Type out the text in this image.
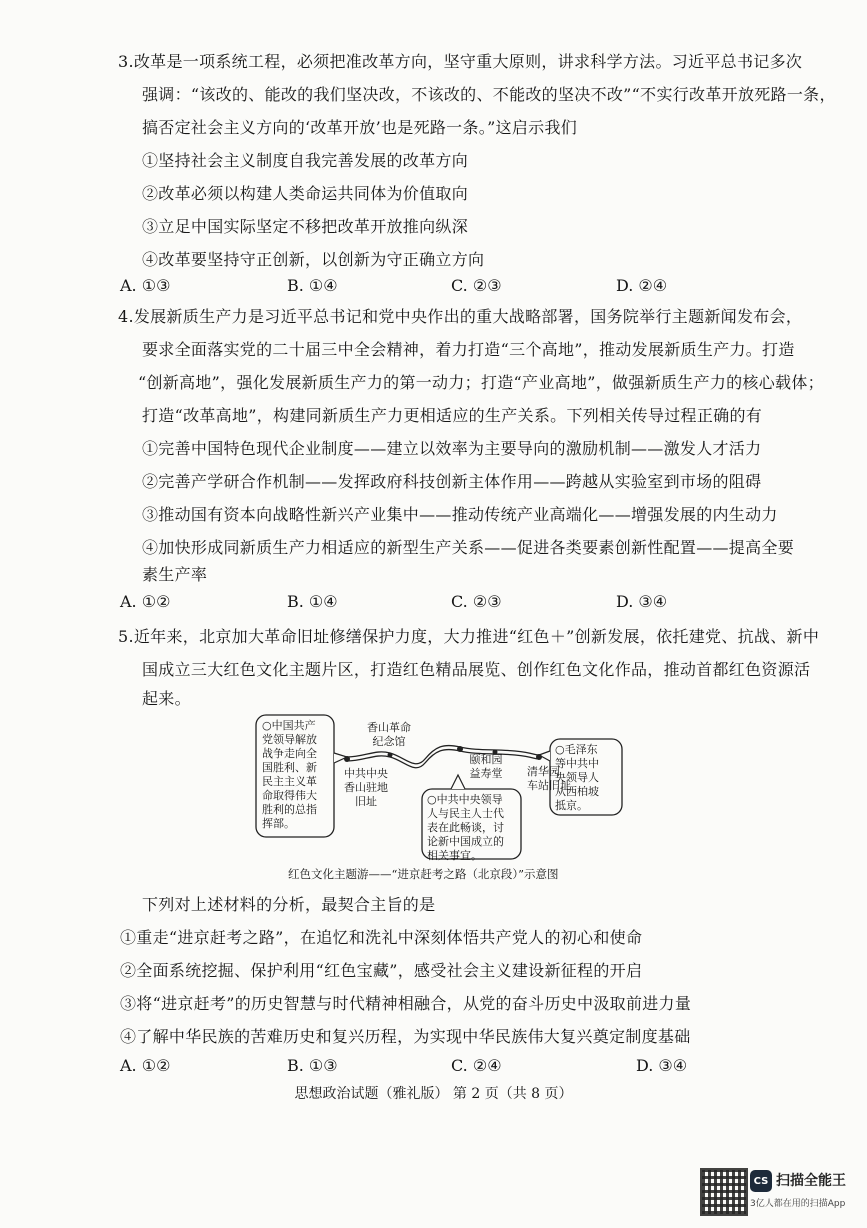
3.改革是一项系统工程，必须把准改革方向，坚守重大原则，讲求科学方法。习近平总书记多次
强调：“该改的、能改的我们坚决改，不该改的、不能改的坚决不改”“不实行改革开放死路一条，
搞否定社会主义方向的‘改革开放’也是死路一条。”这启示我们
①坚持社会主义制度自我完善发展的改革方向
②改革必须以构建人类命运共同体为价值取向
③立足中国实际坚定不移把改革开放推向纵深
④改革要坚持守正创新，以创新为守正确立方向
A. ①③	B. ①④	C. ②③	D. ②④
4.发展新质生产力是习近平总书记和党中央作出的重大战略部署，国务院举行主题新闻发布会，
要求全面落实党的二十届三中全会精神，着力打造“三个高地”，推动发展新质生产力。打造
“创新高地”，强化发展新质生产力的第一动力；打造“产业高地”，做强新质生产力的核心载体；
打造“改革高地”，构建同新质生产力更相适应的生产关系。下列相关传导过程正确的有
①完善中国特色现代企业制度——建立以效率为主要导向的激励机制——激发人才活力
②完善产学研合作机制——发挥政府科技创新主体作用——跨越从实验室到市场的阻碍
③推动国有资本向战略性新兴产业集中——推动传统产业高端化——增强发展的内生动力
④加快形成同新质生产力相适应的新型生产关系——促进各类要素创新性配置——提高全要
素生产率
A. ①②	B. ①④	C. ②③	D. ③④
5.近年来，北京加大革命旧址修缮保护力度，大力推进“红色＋”创新发展，依托建党、抗战、新中
国成立三大红色文化主题片区，打造红色精品展览、创作红色文化作品，推动首都红色资源活
起来。
○中国共产
党领导解放
战争走向全
国胜利、新
民主主义革
命取得伟大
胜利的总指
挥部。
香山革命
纪念馆
中共中央
香山驻地
旧址
颐和园
益寿堂	清华园
车站旧址
○中共中央领导
人与民主人士代
表在此畅谈，讨
论新中国成立的
相关事宜。
○毛泽东
等中共中
央领导人
从西柏坡
抵京。
红色文化主题游——“进京赶考之路（北京段）”示意图
下列对上述材料的分析，最契合主旨的是
①重走“进京赶考之路”，在追忆和洗礼中深刻体悟共产党人的初心和使命
②全面系统挖掘、保护利用“红色宝藏”，感受社会主义建设新征程的开启
③将“进京赶考”的历史智慧与时代精神相融合，从党的奋斗历史中汲取前进力量
④了解中华民族的苦难历史和复兴历程，为实现中华民族伟大复兴奠定制度基础
A. ①②	B. ①③	C. ②④	D. ③④
思想政治试题（雅礼版） 第 2 页（共 8 页）
CS 扫描全能王
3亿人都在用的扫描App
